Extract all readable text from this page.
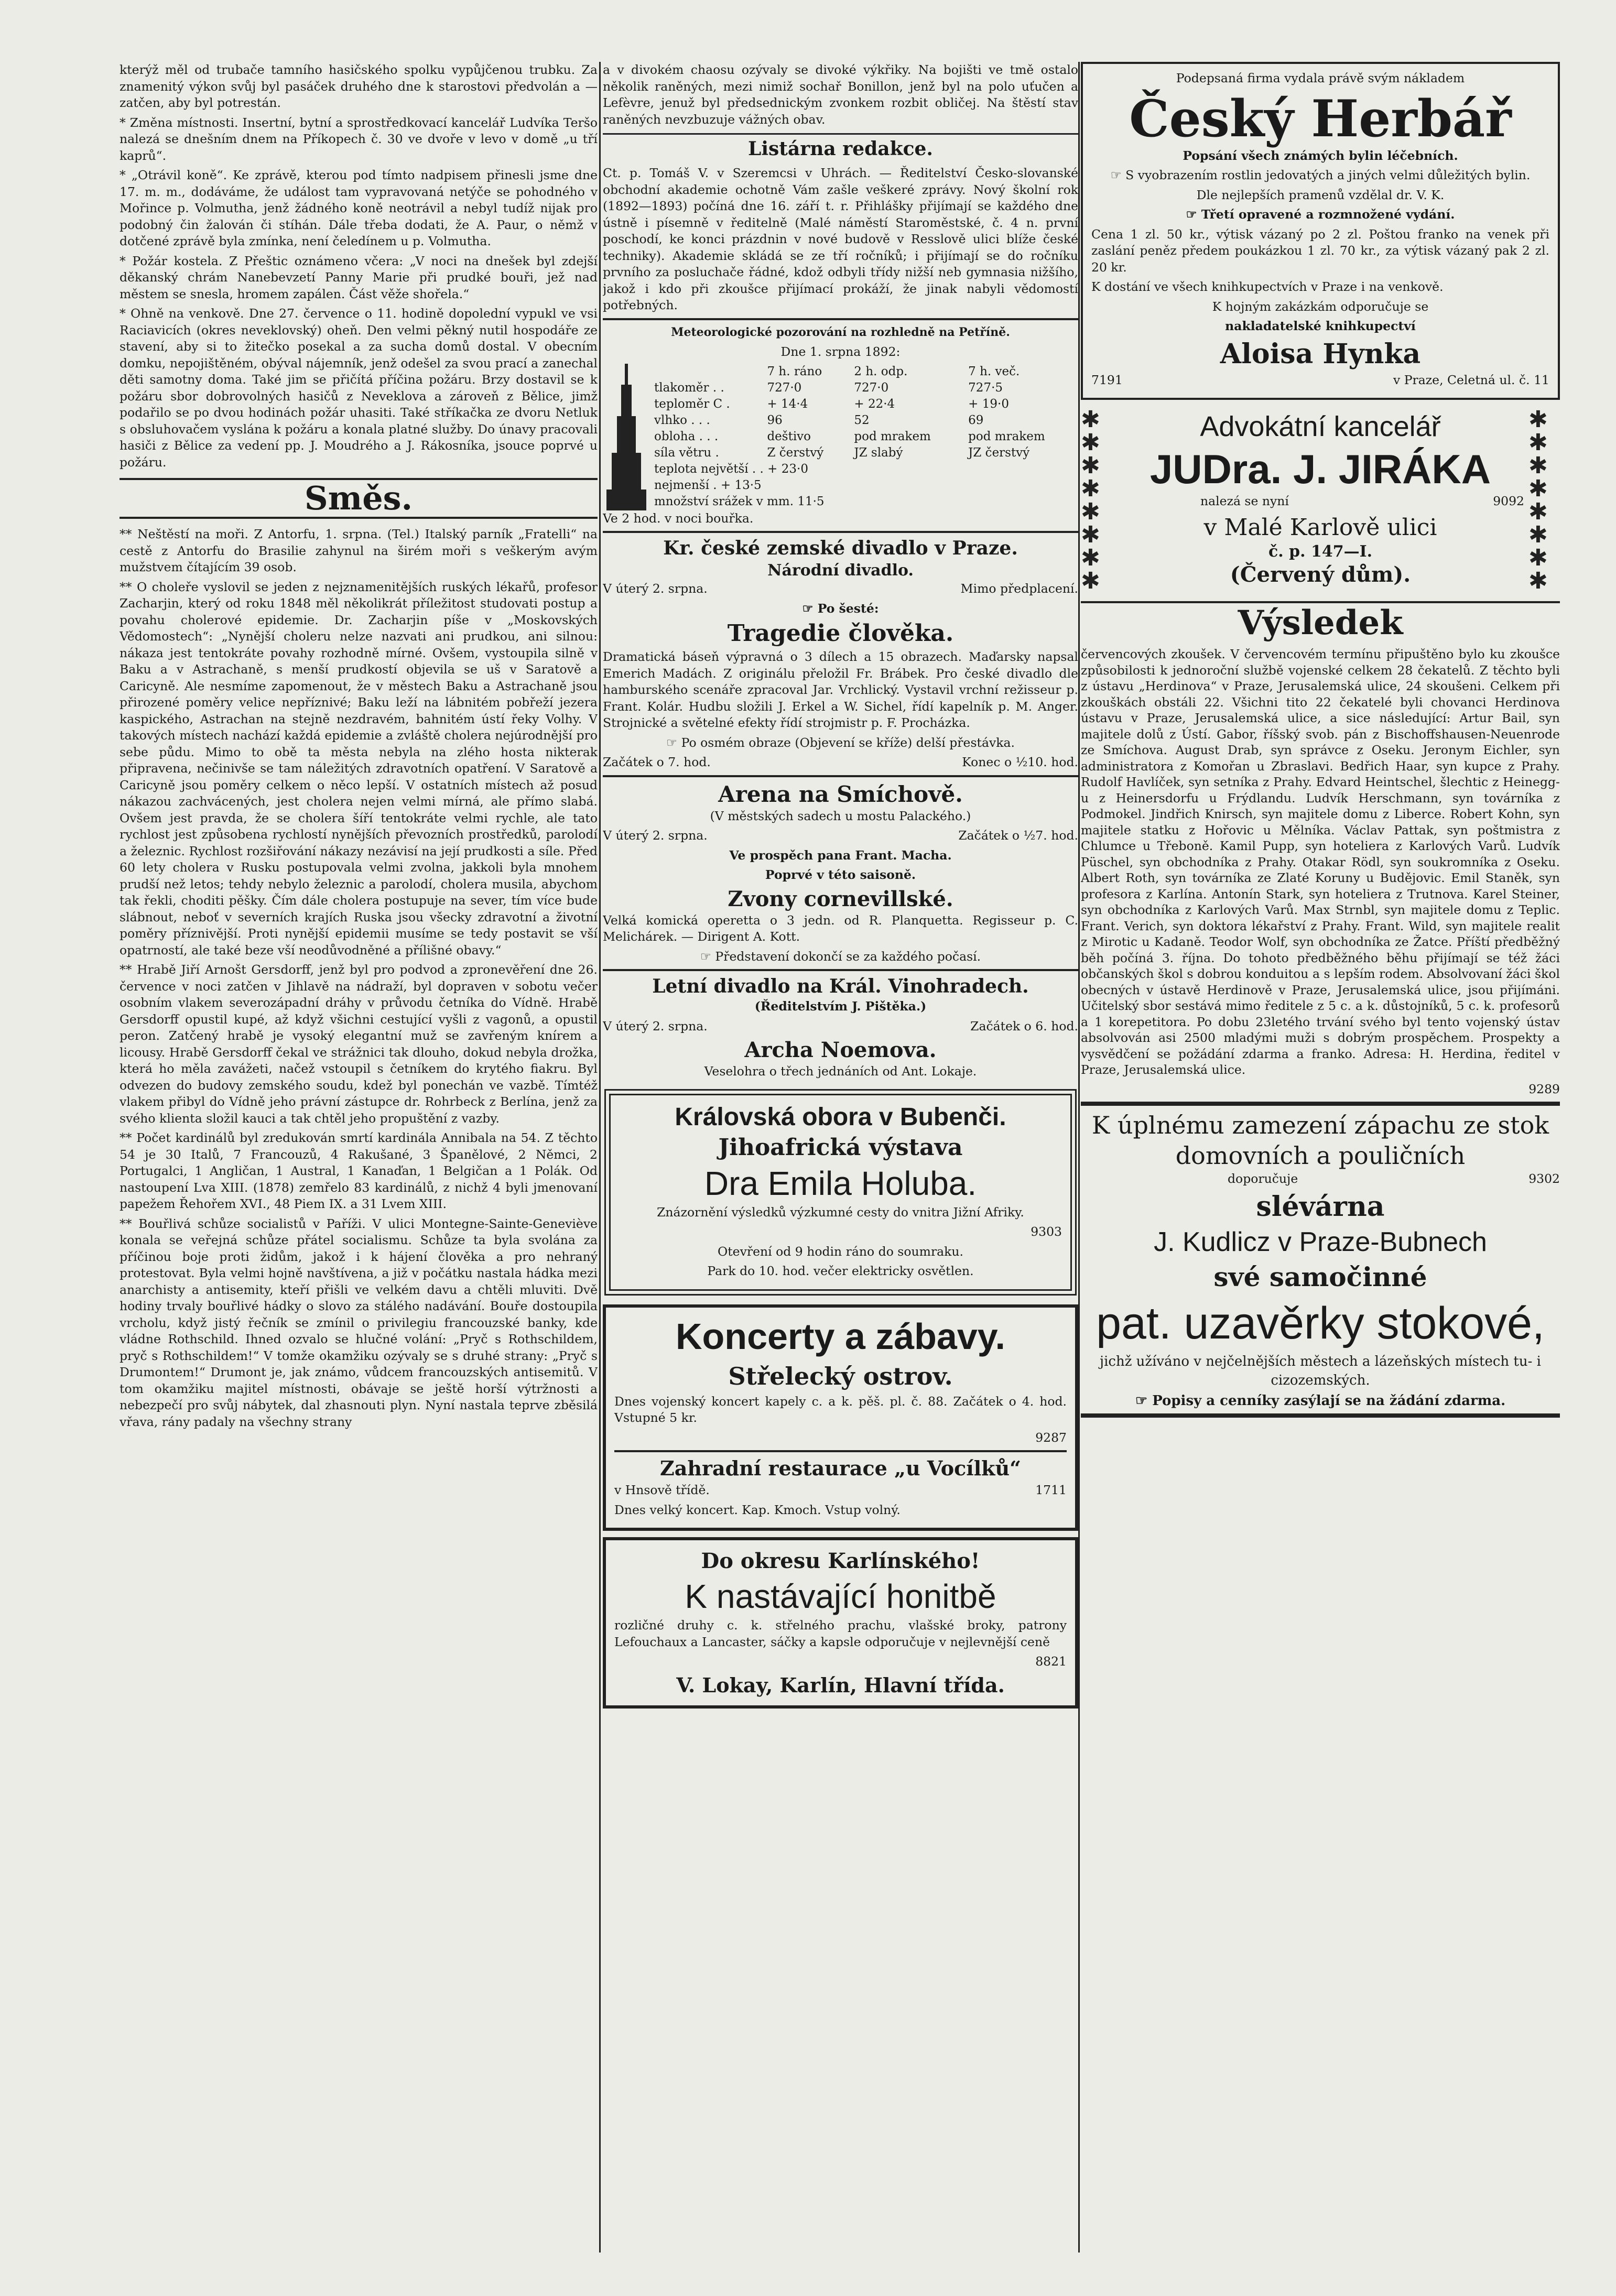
kterýž měl od trubače tamního hasičského spolku vypůjčenou trubku. Za znamenitý výkon svůj byl pasáček druhého dne k starostovi předvolán a — zatčen, aby byl potrestán.

* Změna místnosti. Insertní, bytní a sprostředkovací kancelář Ludvíka Teršo nalezá se dnešním dnem na Příkopech č. 30 ve dvoře v levo v domě „u tří kaprů“.

* „Otrávil koně“. Ke zprávě, kterou pod tímto nadpisem přinesli jsme dne 17. m. m., dodáváme, že událost tam vypravovaná netýče se pohodného v Mořince p. Volmutha, jenž žádného koně neotrávil a nebyl tudíž nijak pro podobný čin žalován či stíhán. Dále třeba dodati, že A. Paur, o němž v dotčené zprávě byla zmínka, není čeledínem u p. Volmutha.

* Požár kostela. Z Přeštic oznámeno včera: „V noci na dnešek byl zdejší děkanský chrám Nanebevzetí Panny Marie při prudké bouři, jež nad městem se snesla, hromem zapálen. Část věže shořela.“

* Ohně na venkově. Dne 27. července o 11. hodině dopolední vypukl ve vsi Raciavicích (okres neveklovský) oheň. Den velmi pěkný nutil hospodáře ze stavení, aby si to žitečko posekal a za sucha domů dostal. V obecním domku, nepojištěném, obýval nájemník, jenž odešel za svou prací a zanechal děti samotny doma. Také jim se přičítá příčina požáru. Brzy dostavil se k požáru sbor dobrovolných hasičů z Neveklova a zároveň z Bělice, jimž podařilo se po dvou hodinách požár uhasiti. Také stříkačka ze dvoru Netluk s obsluhovačem vyslána k požáru a konala platné služby. Do únavy pracovali hasiči z Bělice za vedení pp. J. Moudrého a J. Rákosníka, jsouce poprvé u požáru.

Směs.

** Neštěstí na moři. Z Antorfu, 1. srpna. (Tel.) Italský parník „Fratelli“ na cestě z Antorfu do Brasilie zahynul na širém moři s veškerým avým mužstvem čítajícím 39 osob.

** O choleře vyslovil se jeden z nejznamenitějších ruských lékařů, profesor Zacharjin, který od roku 1848 měl několikrát příležitost studovati postup a povahu cholerové epidemie. Dr. Zacharjin píše v „Moskovských Vědomostech“: „Nynější choleru nelze nazvati ani prudkou, ani silnou: nákaza jest tentokráte povahy rozhodně mírné. Ovšem, vystoupila silně v Baku a v Astrachaně, s menší prudkostí objevila se uš v Saratově a Caricyně. Ale nesmíme zapomenout, že v městech Baku a Astrachaně jsou přirozené poměry velice nepříznivé; Baku leží na lábnitém pobřeží jezera kaspického, Astrachan na stejně nezdravém, bahnitém ústí řeky Volhy. V takových místech nachází každá epidemie a zvláště cholera nejúrodnější pro sebe půdu. Mimo to obě ta města nebyla na zlého hosta nikterak připravena, nečinivše se tam náležitých zdravotních opatření. V Saratově a Caricyně jsou poměry celkem o něco lepší. V ostatních místech až posud nákazou zachvácených, jest cholera nejen velmi mírná, ale přímo slabá. Ovšem jest pravda, že se cholera šíří tentokráte velmi rychle, ale tato rychlost jest způsobena rychlostí nynějších převozních prostředků, parolodí a železnic. Rychlost rozšiřování nákazy nezávisí na její prudkosti a síle. Před 60 lety cholera v Rusku postupovala velmi zvolna, jakkoli byla mnohem prudší než letos; tehdy nebylo železnic a parolodí, cholera musila, abychom tak řekli, choditi pěšky. Čím dále cholera postupuje na sever, tím více bude slábnout, neboť v severních krajích Ruska jsou všecky zdravotní a životní poměry příznivější. Proti nynější epidemii musíme se tedy postavit se vší opatrností, ale také beze vší neodůvodněné a přílišné obavy.“

** Hrabě Jiří Arnošt Gersdorff, jenž byl pro podvod a zpronevěření dne 26. července v noci zatčen v Jihlavě na nádraží, byl dopraven v sobotu večer osobním vlakem severozápadní dráhy v průvodu četníka do Vídně. Hrabě Gersdorff opustil kupé, až když všichni cestující vyšli z vagonů, a opustil peron. Zatčený hrabě je vysoký elegantní muž se zavřeným knírem a licousy. Hrabě Gersdorff čekal ve strážnici tak dlouho, dokud nebyla drožka, která ho měla zavážeti, načež vstoupil s četníkem do krytého fiakru. Byl odvezen do budovy zemského soudu, kdež byl ponechán ve vazbě. Tímtéž vlakem přibyl do Vídně jeho právní zástupce dr. Rohrbeck z Berlína, jenž za svého klienta složil kauci a tak chtěl jeho propuštění z vazby.

** Počet kardinálů byl zredukován smrtí kardinála Annibala na 54. Z těchto 54 je 30 Italů, 7 Francouzů, 4 Rakušané, 3 Španělové, 2 Němci, 2 Portugalci, 1 Angličan, 1 Austral, 1 Kanaďan, 1 Belgičan a 1 Polák. Od nastoupení Lva XIII. (1878) zemřelo 83 kardinálů, z nichž 4 byli jmenovaní papežem Řehořem XVI., 48 Piem IX. a 31 Lvem XIII.

** Bouřlivá schůze socialistů v Paříži. V ulici Montegne-Sainte-Geneviève konala se veřejná schůze přátel socialismu. Schůze ta byla svolána za příčinou boje proti židům, jakož i k hájení člověka a pro nehraný protestovat. Byla velmi hojně navštívena, a již v počátku nastala hádka mezi anarchisty a antisemity, kteří přišli ve velkém davu a chtěli mluviti. Dvě hodiny trvaly bouřlivé hádky o slovo za stálého nadávání. Bouře dostoupila vrcholu, když jistý řečník se zmínil o privilegiu francouzské banky, kde vládne Rothschild. Ihned ozvalo se hlučné volání: „Pryč s Rothschildem, pryč s Rothschildem!“ V tomže okamžiku ozývaly se s druhé strany: „Pryč s Drumontem!“ Drumont je, jak známo, vůdcem francouzských antisemitů. V tom okamžiku majitel místnosti, obávaje se ještě horší výtržnosti a nebezpečí pro svůj nábytek, dal zhasnouti plyn. Nyní nastala teprve zběsilá vřava, rány padaly na všechny strany

a v divokém chaosu ozývaly se divoké výkřiky. Na bojišti ve tmě ostalo několik raněných, mezi nimiž sochař Bonillon, jenž byl na polo uťučen a Lefèvre, jenuž byl předsednickým zvonkem rozbit obličej. Na štěstí stav raněných nevzbuzuje vážných obav.

Listárna redakce.

Ct. p. Tomáš V. v Szeremcsi v Uhrách. — Ředitelství Česko-slovanské obchodní akademie ochotně Vám zašle veškeré zprávy. Nový školní rok (1892—1893) počíná dne 16. září t. r. Přihlášky přijímají se každého dne ústně i písemně v ředitelně (Malé náměstí Staroměstské, č. 4 n. první poschodí, ke konci prázdnin v nové budově v Resslově ulici blíže české techniky). Akademie skládá se ze tří ročníků; i přijímají se do ročníku prvního za posluchače řádné, kdož odbyli třídy nižší neb gymnasia nižšího, jakož i kdo při zkoušce přijímací prokáží, že jinak nabyli vědomostí potřebných.

Meteorologické pozorování na rozhledně na Petříně.

Dne 1. srpna 1892:

	7 h. ráno	2 h. odp.	7 h. več.
tlakoměr . .	727·0	727·0	727·5
teploměr C .	+ 14·4	+ 22·4	+ 19·0
vlhko . . .	96	52	69
obloha . . .	deštivo	pod mrakem	pod mrakem
síla větru .	Z čerstvý	JZ slabý	JZ čerstvý
teplota největší . . + 23·0			
nejmenší . + 13·5			
množství srážek v mm. 11·5			

Ve 2 hod. v noci bouřka.

Kr. české zemské divadlo v Praze.
Národní divadlo.

V úterý 2. srpna.	Mimo předplacení.

☞ Po šesté:

Tragedie člověka.

Dramatická báseň výpravná o 3 dílech a 15 obrazech. Maďarsky napsal Emerich Madách. Z originálu přeložil Fr. Brábek. Pro české divadlo dle hamburského scenáře zpracoval Jar. Vrchlický. Vystavil vrchní režisseur p. Frant. Kolár. Hudbu složili J. Erkel a W. Sichel, řídí kapelník p. M. Anger. Strojnické a světelné efekty řídí strojmistr p. F. Procházka.

☞ Po osmém obraze (Objevení se kříže) delší přestávka.

Začátek o 7. hod.	Konec o ½10. hod.

Arena na Smíchově.

(V městských sadech u mostu Palackého.)

V úterý 2. srpna.	Začátek o ½7. hod.

Ve prospěch pana Frant. Macha.

Poprvé v této saisoně.

Zvony cornevillské.

Velká komická operetta o 3 jedn. od R. Planquetta. Regisseur p. C. Melichárek. — Dirigent A. Kott.

☞ Představení dokončí se za každého počasí.

Letní divadlo na Král. Vinohradech.

(Ředitelstvím J. Pištěka.)

V úterý 2. srpna.	Začátek o 6. hod.

Archa Noemova.

Veselohra o třech jednáních od Ant. Lokaje.

Královská obora v Bubenči.
Jihoafrická výstava
Dra Emila Holuba.

Znázornění výsledků výzkumné cesty do vnitra Jižní Afriky.

9303

Otevření od 9 hodin ráno do soumraku.

Park do 10. hod. večer elektricky osvětlen.

Koncerty a zábavy.
Střelecký ostrov.

Dnes vojenský koncert kapely c. a k. pěš. pl. č. 88. Začátek o 4. hod. Vstupné 5 kr.

9287

Zahradní restaurace „u Vocílků“

v Hnsově třídě.	1711

Dnes velký koncert. Kap. Kmoch. Vstup volný.

Do okresu Karlínského!
K nastávající honitbě

rozličné druhy c. k. střelného prachu, vlašské broky, patrony Lefouchaux a Lancaster, sáčky a kapsle odporučuje v nejlevnější ceně

8821

V. Lokay, Karlín, Hlavní třída.

Podepsaná firma vydala právě svým nákladem

Český Herbář

Popsání všech známých bylin léčebních.

☞ S vyobrazením rostlin jedovatých a jiných velmi důležitých bylin.

Dle nejlepších pramenů vzdělal dr. V. K.

☞ Třetí opravené a rozmnožené vydání.

Cena 1 zl. 50 kr., výtisk vázaný po 2 zl. Poštou franko na venek při zaslání peněz předem poukázkou 1 zl. 70 kr., za výtisk vázaný pak 2 zl. 20 kr.

K dostání ve všech knihkupectvích v Praze i na venkově.

K hojným zakázkám odporučuje se

nakladatelské knihkupectví

Aloisa Hynka

7191	v Praze, Celetná ul. č. 11

✱
✱
✱
✱
✱
✱
✱
✱
Advokátní kancelář
JUDra. J. JIRÁKA

nalezá se nyní	9092

v Malé Karlově ulici
č. p. 147—I.
(Červený dům).
✱
✱
✱
✱
✱
✱
✱
✱
Výsledek

červencových zkoušek. V červencovém termínu připuštěno bylo ku zkoušce způsobilosti k jednoroční službě vojenské celkem 28 čekatelů. Z těchto byli z ústavu „Herdinova“ v Praze, Jerusalemská ulice, 24 skoušeni. Celkem při zkouškách obstáli 22. Všichni tito 22 čekatelé byli chovanci Herdinova ústavu v Praze, Jerusalemská ulice, a sice následující: Artur Bail, syn majitele dolů z Ústí. Gabor, říšský svob. pán z Bischoffshausen-Neuenrode ze Smíchova. August Drab, syn správce z Oseku. Jeronym Eichler, syn administratora z Komořan u Zbraslavi. Bedřich Haar, syn kupce z Prahy. Rudolf Havlíček, syn setníka z Prahy. Edvard Heintschel, šlechtic z Heinegg-u z Heinersdorfu u Frýdlandu. Ludvík Herschmann, syn továrníka z Podmokel. Jindřich Knirsch, syn majitele domu z Liberce. Robert Kohn, syn majitele statku z Hořovic u Mělníka. Václav Pattak, syn poštmistra z Chlumce u Třeboně. Kamil Pupp, syn hoteliera z Karlových Varů. Ludvík Püschel, syn obchodníka z Prahy. Otakar Rödl, syn soukromníka z Oseku. Albert Roth, syn továrníka ze Zlaté Koruny u Budějovic. Emil Staněk, syn profesora z Karlína. Antonín Stark, syn hoteliera z Trutnova. Karel Steiner, syn obchodníka z Karlových Varů. Max Strnbl, syn majitele domu z Teplic. Frant. Verich, syn doktora lékařství z Prahy. Frant. Wild, syn majitele realit z Mirotic u Kadaně. Teodor Wolf, syn obchodníka ze Žatce. Příští předběžný běh počíná 3. října. Do tohoto předběžného běhu přijímají se též žáci občanských škol s dobrou konduitou a s lepším rodem. Absolvovaní žáci škol obecných v ústavě Herdinově v Praze, Jerusalemská ulice, jsou přijímáni. Učitelský sbor sestává mimo ředitele z 5 c. a k. důstojníků, 5 c. k. profesorů a 1 korepetitora. Po dobu 23letého trvání svého byl tento vojenský ústav absolvován asi 2500 mladými muži s dobrým prospěchem. Prospekty a vysvědčení se požádání zdarma a franko. Adresa: H. Herdina, ředitel v Praze, Jerusalemská ulice.

9289

K úplnému zamezení zápachu ze stok domovních a pouličních

doporučuje	9302

slévárna
J. Kudlicz v Praze-Bubnech
své samočinné
pat. uzavěrky stokové,

jichž užíváno v nejčelnějších městech a lázeňských místech tu- i cizozemských.

☞ Popisy a cenníky zasýlají se na žádání zdarma.
